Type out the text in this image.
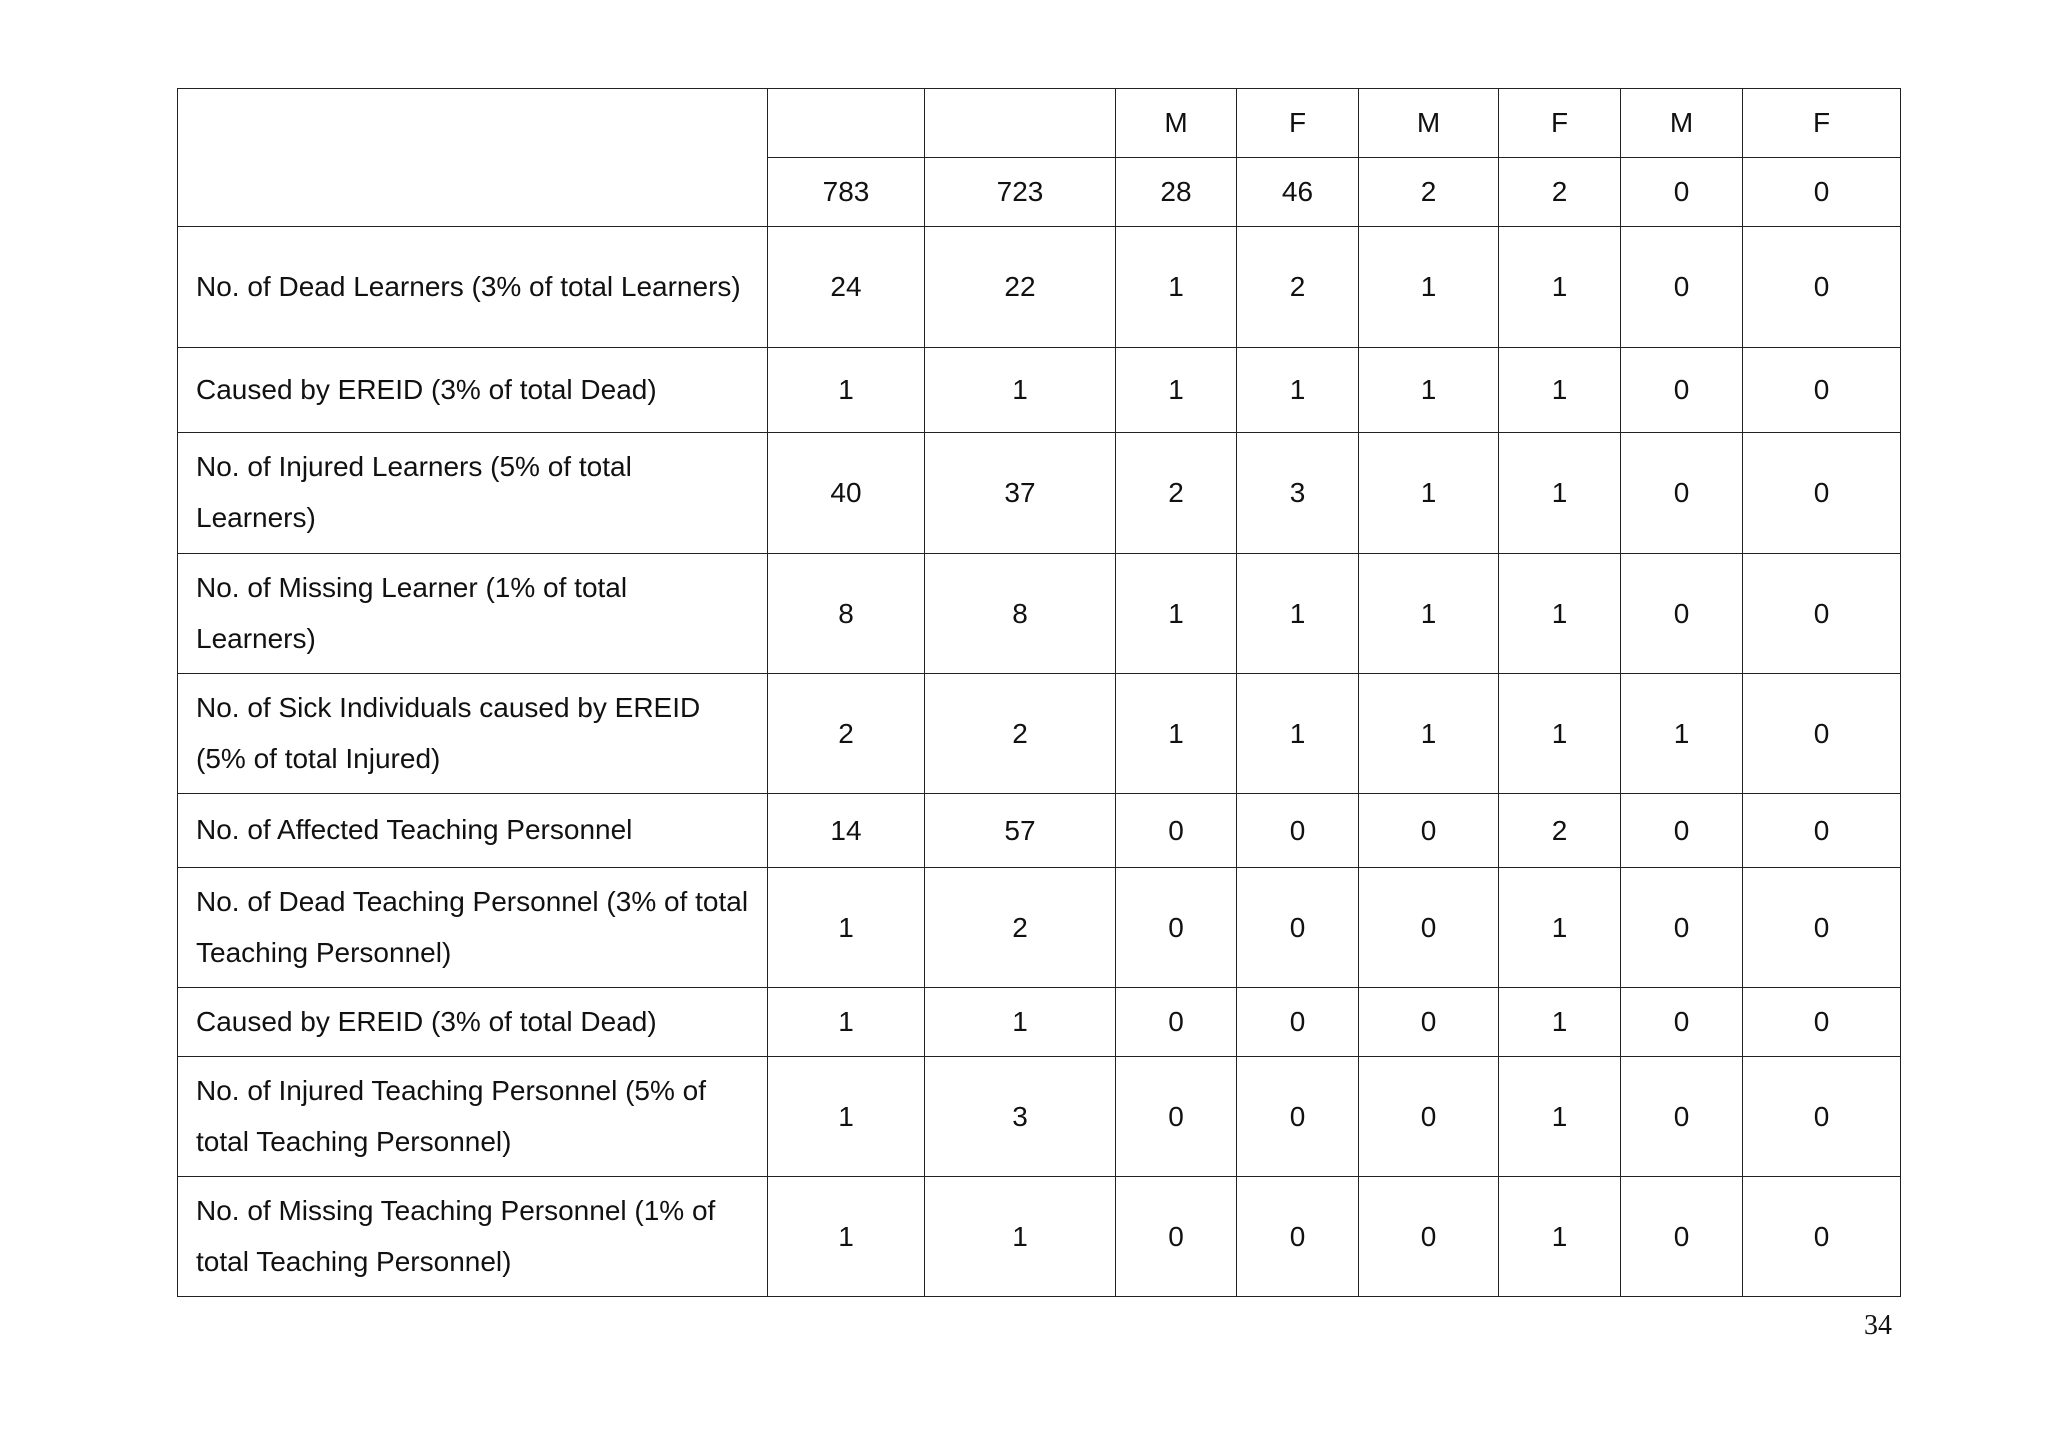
			M	F	M	F	M	F
	783	723	28	46	2	2	0	0
No. of Dead Learners (3% of total Learners)	24	22	1	2	1	1	0	0
Caused by EREID (3% of total Dead)	1	1	1	1	1	1	0	0
No. of Injured Learners (5% of total Learners)	40	37	2	3	1	1	0	0
No. of Missing Learner (1% of total Learners)	8	8	1	1	1	1	0	0
No. of Sick Individuals caused by EREID (5% of total Injured)	2	2	1	1	1	1	1	0
No. of Affected Teaching Personnel	14	57	0	0	0	2	0	0
No. of Dead Teaching Personnel (3% of total Teaching Personnel)	1	2	0	0	0	1	0	0
Caused by EREID (3% of total Dead)	1	1	0	0	0	1	0	0
No. of Injured Teaching Personnel (5% of total Teaching Personnel)	1	3	0	0	0	1	0	0
No. of Missing Teaching Personnel (1% of total Teaching Personnel)	1	1	0	0	0	1	0	0
34
